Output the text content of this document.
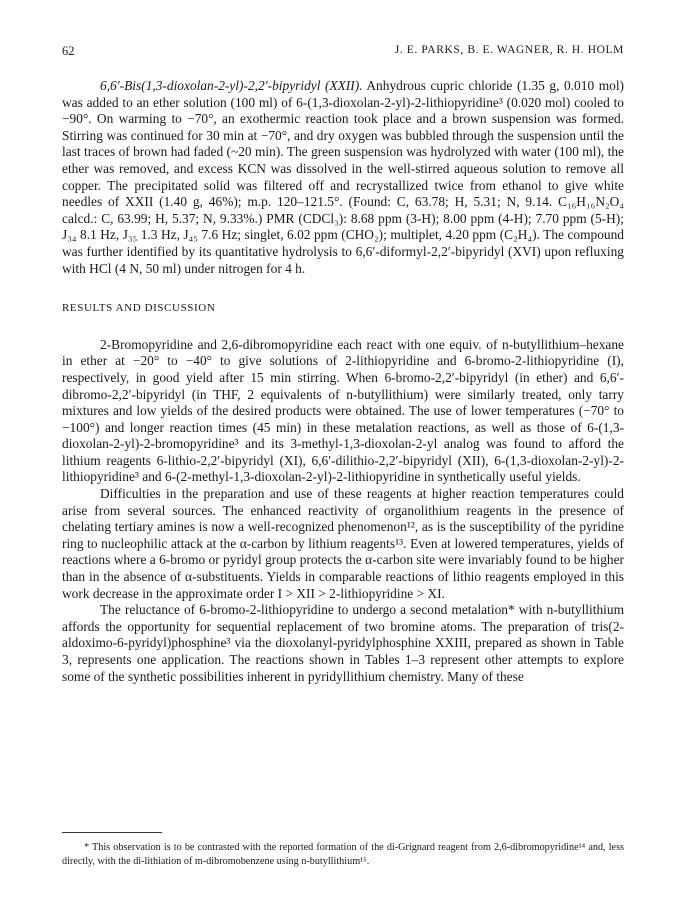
62	J. E. PARKS, B. E. WAGNER, R. H. HOLM

6,6′-Bis(1,3-dioxolan-2-yl)-2,2′-bipyridyl (XXII). Anhydrous cupric chloride (1.35 g, 0.010 mol) was added to an ether solution (100 ml) of 6-(1,3-dioxolan-2-yl)-2-lithiopyridine³ (0.020 mol) cooled to −90°. On warming to −70°, an exothermic reaction took place and a brown suspension was formed. Stirring was continued for 30 min at −70°, and dry oxygen was bubbled through the suspension until the last traces of brown had faded (~20 min). The green suspension was hydrolyzed with water (100 ml), the ether was removed, and excess KCN was dissolved in the well-stirred aqueous solution to remove all copper. The precipitated solid was filtered off and recrystallized twice from ethanol to give white needles of XXII (1.40 g, 46%); m.p. 120–121.5°. (Found: C, 63.78; H, 5.31; N, 9.14. C₁₆H₁₆N₂O₄ calcd.: C, 63.99; H, 5.37; N, 9.33%.) PMR (CDCl₃): 8.68 ppm (3-H); 8.00 ppm (4-H); 7.70 ppm (5-H); J₃₄ 8.1 Hz, J₃₅ 1.3 Hz, J₄₅ 7.6 Hz; singlet, 6.02 ppm (CHO₂); multiplet, 4.20 ppm (C₂H₄). The compound was further identified by its quantitative hydrolysis to 6,6′-diformyl-2,2′-bipyridyl (XVI) upon refluxing with HCl (4 N, 50 ml) under nitrogen for 4 h.

RESULTS AND DISCUSSION

2-Bromopyridine and 2,6-dibromopyridine each react with one equiv. of n-butyllithium–hexane in ether at −20° to −40° to give solutions of 2-lithiopyridine and 6-bromo-2-lithiopyridine (I), respectively, in good yield after 15 min stirring. When 6-bromo-2,2′-bipyridyl (in ether) and 6,6′-dibromo-2,2′-bipyridyl (in THF, 2 equivalents of n-butyllithium) were similarly treated, only tarry mixtures and low yields of the desired products were obtained. The use of lower temperatures (−70° to −100°) and longer reaction times (45 min) in these metalation reactions, as well as those of 6-(1,3-dioxolan-2-yl)-2-bromopyridine³ and its 3-methyl-1,3-dioxolan-2-yl analog was found to afford the lithium reagents 6-lithio-2,2′-bipyridyl (XI), 6,6′-dilithio-2,2′-bipyridyl (XII), 6-(1,3-dioxolan-2-yl)-2-lithiopyridine³ and 6-(2-methyl-1,3-dioxolan-2-yl)-2-lithiopyridine in synthetically useful yields.

Difficulties in the preparation and use of these reagents at higher reaction temperatures could arise from several sources. The enhanced reactivity of organolithium reagents in the presence of chelating tertiary amines is now a well-recognized phenomenon¹², as is the susceptibility of the pyridine ring to nucleophilic attack at the α-carbon by lithium reagents¹³. Even at lowered temperatures, yields of reactions where a 6-bromo or pyridyl group protects the α-carbon site were invariably found to be higher than in the absence of α-substituents. Yields in comparable reactions of lithio reagents employed in this work decrease in the approximate order I > XII > 2-lithiopyridine > XI.

The reluctance of 6-bromo-2-lithiopyridine to undergo a second metalation* with n-butyllithium affords the opportunity for sequential replacement of two bromine atoms. The preparation of tris(2-aldoximo-6-pyridyl)phosphine³ via the dioxolanyl-pyridylphosphine XXIII, prepared as shown in Table 3, represents one application. The reactions shown in Tables 1–3 represent other attempts to explore some of the synthetic possibilities inherent in pyridyllithium chemistry. Many of these

* This observation is to be contrasted with the reported formation of the di-Grignard reagent from 2,6-dibromopyridine¹⁴ and, less directly, with the di-lithiation of m-dibromobenzene using n-butyllithium¹⁵.
